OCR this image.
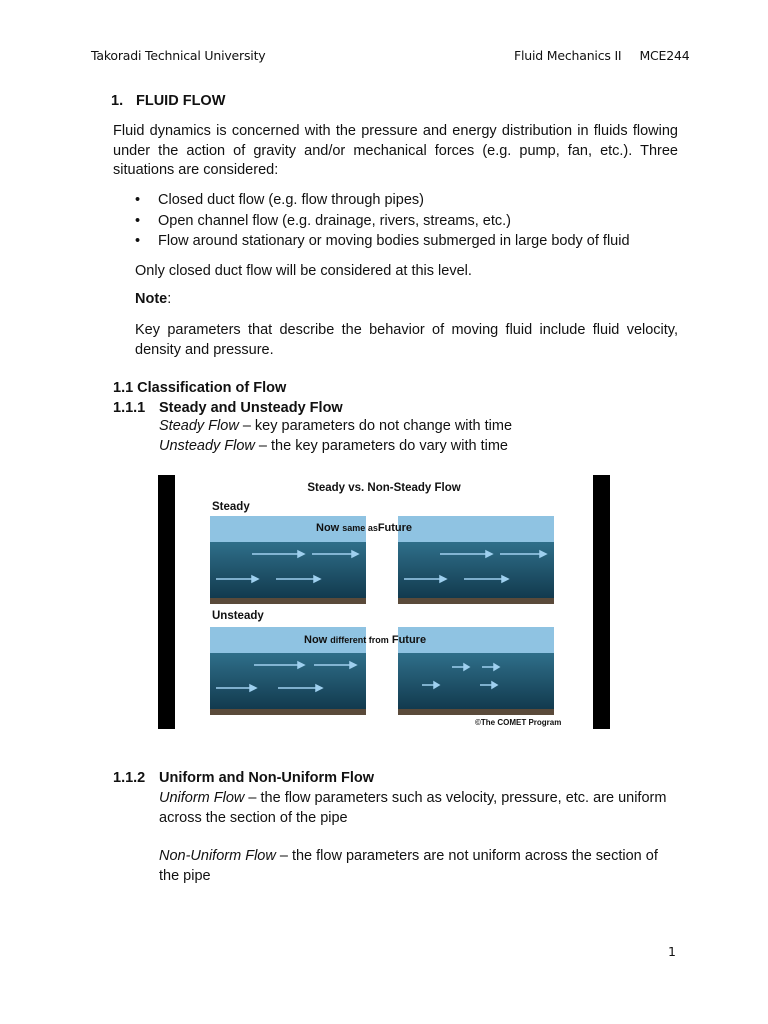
Takoradi Technical University	Fluid Mechanics II MCE244
1. FLUID FLOW
Fluid dynamics is concerned with the pressure and energy distribution in fluids flowing under the action of gravity and/or mechanical forces (e.g. pump, fan, etc.). Three situations are considered:
• Closed duct flow (e.g. flow through pipes)
• Open channel flow (e.g. drainage, rivers, streams, etc.)
• Flow around stationary or moving bodies submerged in large body of fluid
Only closed duct flow will be considered at this level.
Note:
Key parameters that describe the behavior of moving fluid include fluid velocity, density and pressure.
1.1 Classification of Flow
1.1.1 Steady and Unsteady Flow
Steady Flow – key parameters do not change with time
Unsteady Flow – the key parameters do vary with time
Steady vs. Non-Steady Flow
Steady
Now same asFuture
Unsteady
Now different from Future
©The COMET Program
1.1.2 Uniform and Non-Uniform Flow
Uniform Flow – the flow parameters such as velocity, pressure, etc. are uniform across the section of the pipe
Non-Uniform Flow – the flow parameters are not uniform across the section of the pipe
1
